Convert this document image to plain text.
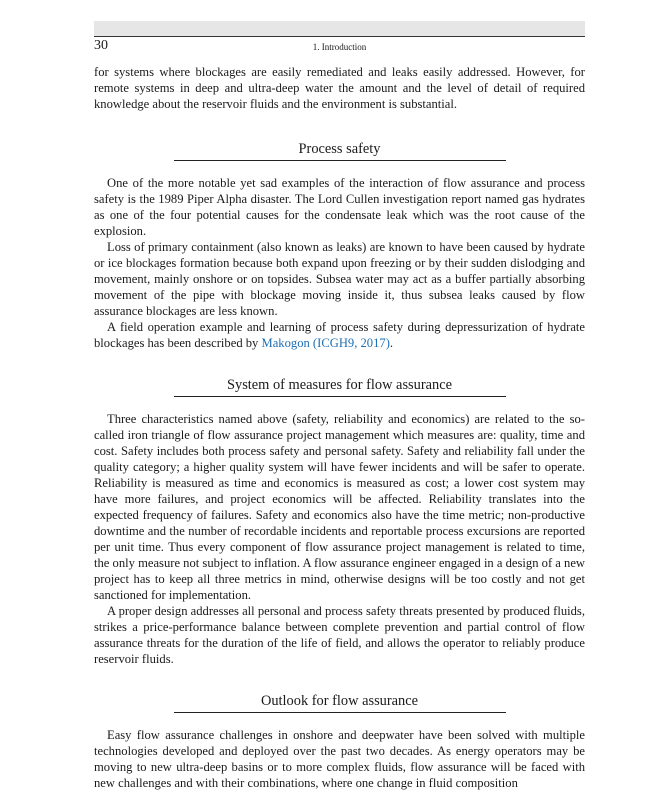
30	1. Introduction

for systems where blockages are easily remediated and leaks easily addressed. However, for remote systems in deep and ultra-deep water the amount and the level of detail of required knowledge about the reservoir fluids and the environment is substantial.

Process safety

One of the more notable yet sad examples of the interaction of flow assurance and process safety is the 1989 Piper Alpha disaster. The Lord Cullen investigation report named gas hydrates as one of the four potential causes for the condensate leak which was the root cause of the explosion.

Loss of primary containment (also known as leaks) are known to have been caused by hydrate or ice blockages formation because both expand upon freezing or by their sudden dislodging and movement, mainly onshore or on topsides. Subsea water may act as a buffer partially absorbing movement of the pipe with blockage moving inside it, thus subsea leaks caused by flow assurance blockages are less known.

A field operation example and learning of process safety during depressurization of hydrate blockages has been described by Makogon (ICGH9, 2017).

System of measures for flow assurance

Three characteristics named above (safety, reliability and economics) are related to the so-called iron triangle of flow assurance project management which measures are: quality, time and cost. Safety includes both process safety and personal safety. Safety and reliability fall under the quality category; a higher quality system will have fewer incidents and will be safer to operate. Reliability is measured as time and economics is measured as cost; a lower cost system may have more failures, and project economics will be affected. Reliability translates into the expected frequency of failures. Safety and economics also have the time metric; non-productive downtime and the number of recordable incidents and reportable process excursions are reported per unit time. Thus every component of flow assurance project management is related to time, the only measure not subject to inflation. A flow assurance engineer engaged in a design of a new project has to keep all three metrics in mind, otherwise designs will be too costly and not get sanctioned for implementation.

A proper design addresses all personal and process safety threats presented by produced fluids, strikes a price-performance balance between complete prevention and partial control of flow assurance threats for the duration of the life of field, and allows the operator to reliably produce reservoir fluids.

Outlook for flow assurance

Easy flow assurance challenges in onshore and deepwater have been solved with multiple technologies developed and deployed over the past two decades. As energy operators may be moving to new ultra-deep basins or to more complex fluids, flow assurance will be faced with new challenges and with their combinations, where one change in fluid composition
